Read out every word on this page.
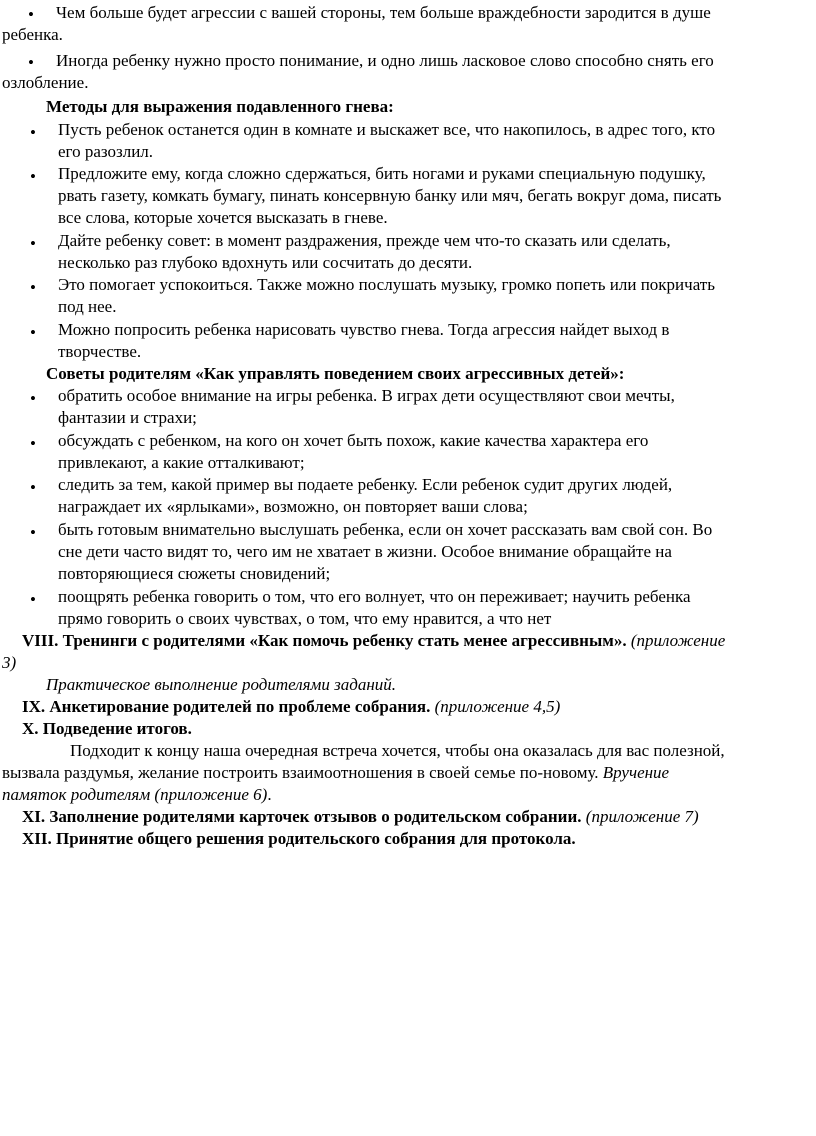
• Чем больше будет агрессии с вашей стороны, тем больше враждебности зародится в душе
ребенка.
• Иногда ребенку нужно просто понимание, и одно лишь ласковое слово способно снять его
озлобление.
Методы для выражения подавленного гнева:
• Пусть ребенок останется один в комнате и выскажет все, что накопилось, в адрес того, кто
его разозлил.
• Предложите ему, когда сложно сдержаться, бить ногами и руками специальную подушку,
рвать газету, комкать бумагу, пинать консервную банку или мяч, бегать вокруг дома, писать
все слова, которые хочется высказать в гневе.
• Дайте ребенку совет: в момент раздражения, прежде чем что-то сказать или сделать,
несколько раз глубоко вдохнуть или сосчитать до десяти.
• Это помогает успокоиться. Также можно послушать музыку, громко попеть или покричать
под нее.
• Можно попросить ребенка нарисовать чувство гнева. Тогда агрессия найдет выход в
творчестве.
Советы родителям «Как управлять поведением своих агрессивных детей»:
• обратить особое внимание на игры ребенка. В играх дети осуществляют свои мечты,
фантазии и страхи;
• обсуждать с ребенком, на кого он хочет быть похож, какие качества характера его
привлекают, а какие отталкивают;
• следить за тем, какой пример вы подаете ребенку. Если ребенок судит других людей,
награждает их «ярлыками», возможно, он повторяет ваши слова;
• быть готовым внимательно выслушать ребенка, если он хочет рассказать вам свой сон. Во
сне дети часто видят то, чего им не хватает в жизни. Особое внимание обращайте на
повторяющиеся сюжеты сновидений;
• поощрять ребенка говорить о том, что его волнует, что он переживает; научить ребенка
прямо говорить о своих чувствах, о том, что ему нравится, а что нет
VIII. Тренинги с родителями «Как помочь ребенку стать менее агрессивным». (приложение
3)
Практическое выполнение родителями заданий.
IX. Анкетирование родителей по проблеме собрания. (приложение 4,5)
X. Подведение итогов.
Подходит к концу наша очередная встреча хочется, чтобы она оказалась для вас полезной,
вызвала раздумья, желание построить взаимоотношения в своей семье по-новому. Вручение
памяток родителям (приложение 6).
XI. Заполнение родителями карточек отзывов о родительском собрании. (приложение 7)
XII. Принятие общего решения родительского собрания для протокола.
